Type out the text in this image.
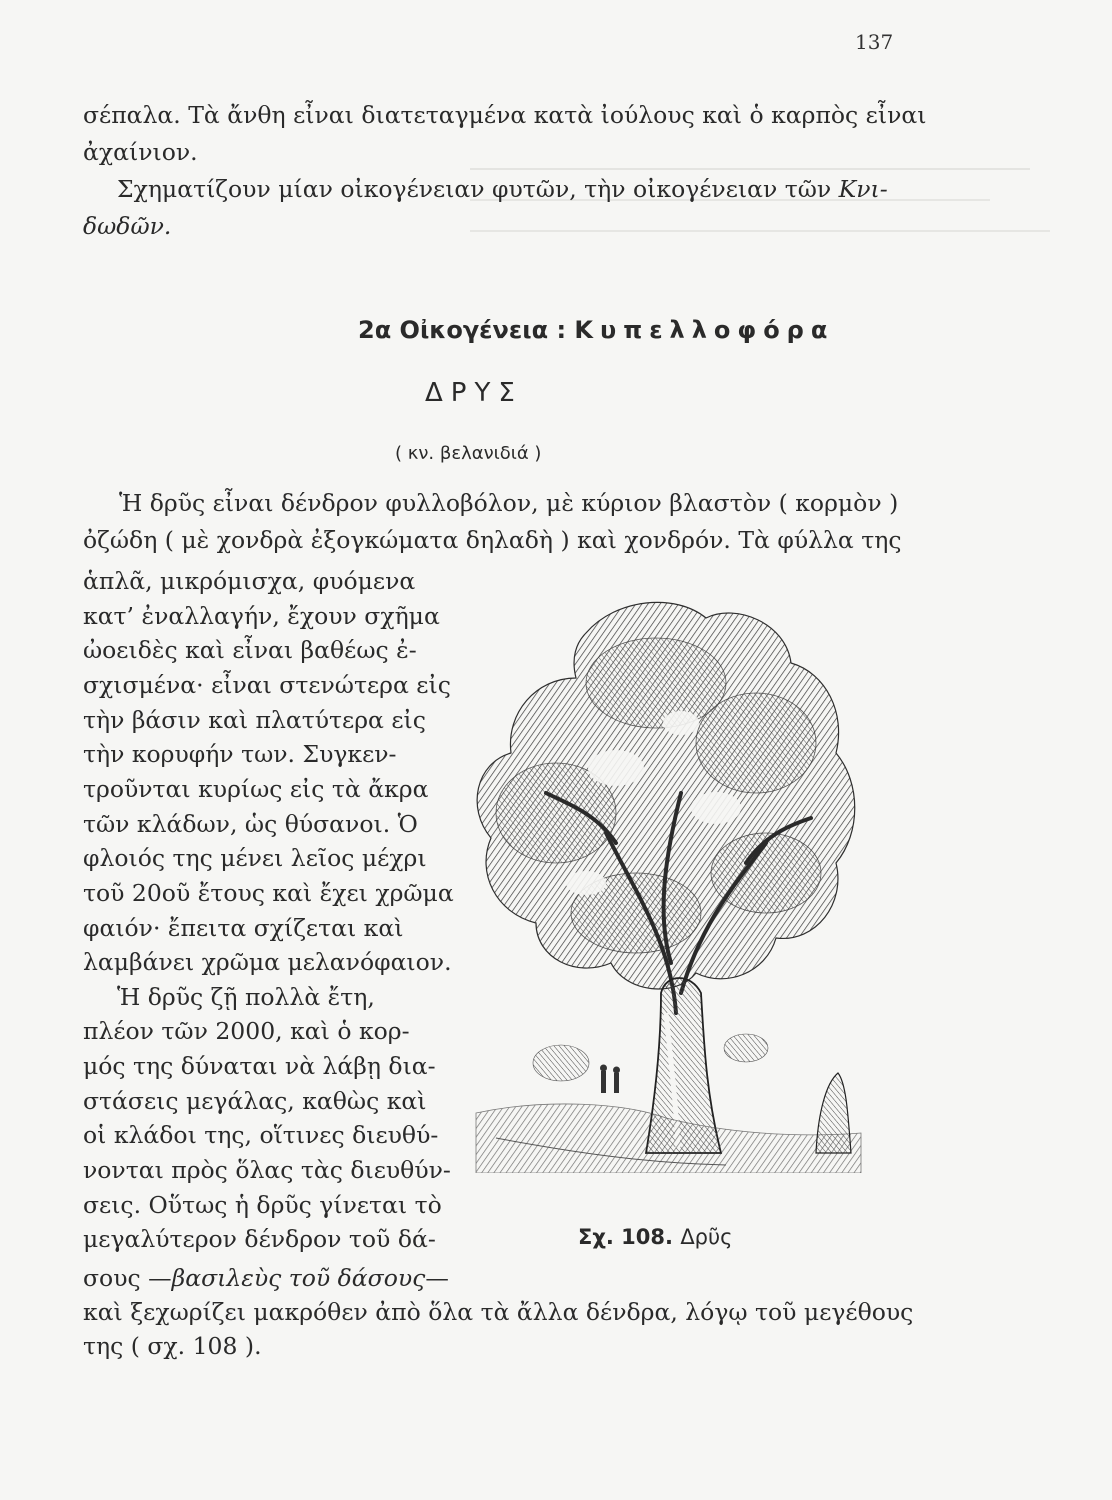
137
σέπαλα. Τὰ ἄνθη εἶναι διατεταγμένα κατὰ ἰούλους καὶ ὁ καρπὸς εἶναι
ἀχαίνιον.
Σχηματίζουν μίαν οἰκογένειαν φυτῶν, τὴν οἰκογένειαν τῶν Κνι-
δωδῶν.
2α Οἰκογένεια : Κυπελλοφόρα
ΔΡΥΣ
( κν. βελανιδιά )
Ἡ δρῦς εἶναι δένδρον φυλλοβόλον, μὲ κύριον βλαστὸν ( κορμὸν )
ὀζώδη ( μὲ χονδρὰ ἐξογκώματα δηλαδὴ ) καὶ χονδρόν. Τὰ φύλλα της
ἁπλᾶ, μικρόμισχα, φυόμενα
κατ’ ἐναλλαγήν, ἔχουν σχῆμα
ὠοειδὲς καὶ εἶναι βαθέως ἐ-
σχισμένα· εἶναι στενώτερα εἰς
τὴν βάσιν καὶ πλατύτερα εἰς
τὴν κορυφήν των. Συγκεν-
τροῦνται κυρίως εἰς τὰ ἄκρα
τῶν κλάδων, ὡς θύσανοι. Ὁ
φλοιός της μένει λεῖος μέχρι
τοῦ 20οῦ ἔτους καὶ ἔχει χρῶμα
φαιόν· ἔπειτα σχίζεται καὶ
λαμβάνει χρῶμα μελανόφαιον.
Ἡ δρῦς ζῇ πολλὰ ἔτη,
πλέον τῶν 2000, καὶ ὁ κορ-
μός της δύναται νὰ λάβῃ δια-
στάσεις μεγάλας, καθὼς καὶ
οἱ κλάδοι της, οἵτινες διευθύ-
νονται πρὸς ὅλας τὰς διευθύν-
σεις. Οὕτως ἡ δρῦς γίνεται τὸ
μεγαλύτερον δένδρον τοῦ δά-
σους —βασιλεὺς τοῦ δάσους—
καὶ ξεχωρίζει μακρόθεν ἀπὸ ὅλα τὰ ἄλλα δένδρα, λόγῳ τοῦ μεγέθους
της ( σχ. 108 ).
Σχ. 108. Δρῦς
